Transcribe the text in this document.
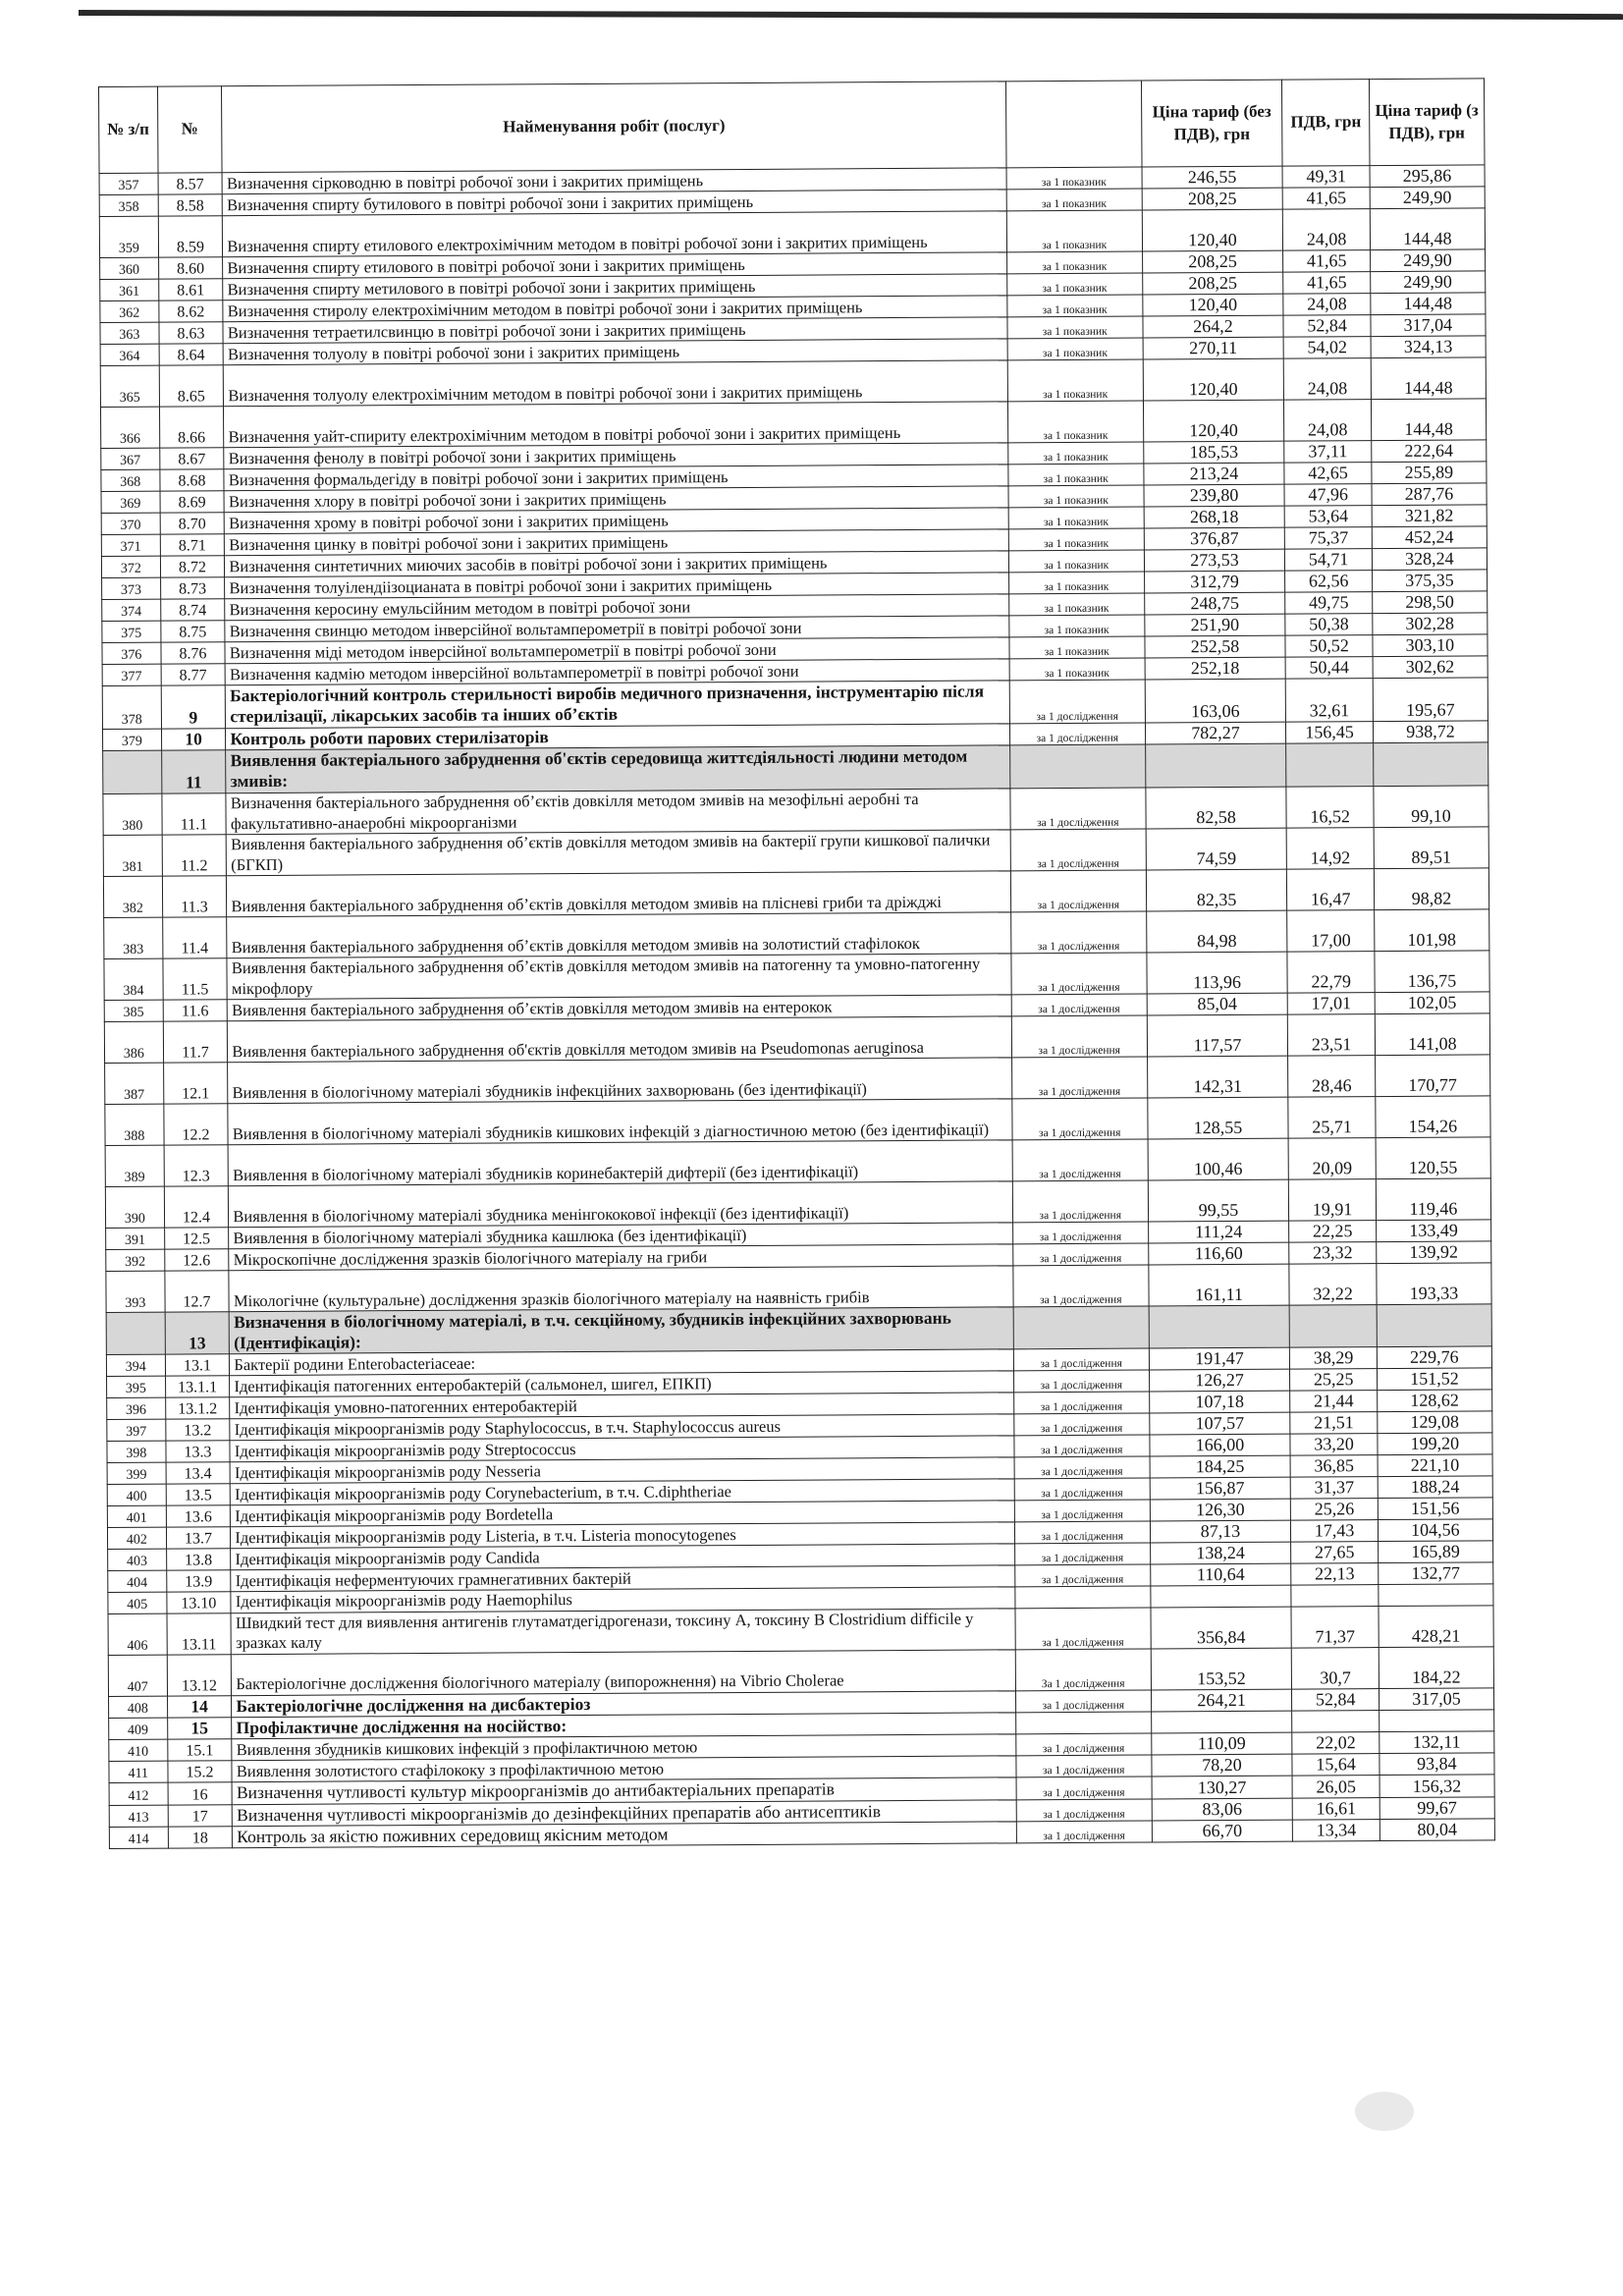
№ з/п	№	Найменування робіт (послуг)		Ціна тариф (без ПДВ), грн	ПДВ, грн	Ціна тариф (з ПДВ), грн
357	8.57	Визначення сірководню в повітрі робочої зони і закритих приміщень	за 1 показник	246,55	49,31	295,86
358	8.58	Визначення спирту бутилового в повітрі робочої зони і закритих приміщень	за 1 показник	208,25	41,65	249,90
359	8.59	Визначення спирту етилового електрохімічним методом в повітрі робочої зони і закритих приміщень	за 1 показник	120,40	24,08	144,48
360	8.60	Визначення спирту етилового в повітрі робочої зони і закритих приміщень	за 1 показник	208,25	41,65	249,90
361	8.61	Визначення спирту метилового в повітрі робочої зони і закритих приміщень	за 1 показник	208,25	41,65	249,90
362	8.62	Визначення стиролу електрохімічним методом в повітрі робочої зони і закритих приміщень	за 1 показник	120,40	24,08	144,48
363	8.63	Визначення тетраетилсвинцю в повітрі робочої зони і закритих приміщень	за 1 показник	264,2	52,84	317,04
364	8.64	Визначення толуолу в повітрі робочої зони і закритих приміщень	за 1 показник	270,11	54,02	324,13
365	8.65	Визначення толуолу електрохімічним методом в повітрі робочої зони і закритих приміщень	за 1 показник	120,40	24,08	144,48
366	8.66	Визначення уайт-спириту електрохімічним методом в повітрі робочої зони і закритих приміщень	за 1 показник	120,40	24,08	144,48
367	8.67	Визначення фенолу в повітрі робочої зони і закритих приміщень	за 1 показник	185,53	37,11	222,64
368	8.68	Визначення формальдегіду в повітрі робочої зони і закритих приміщень	за 1 показник	213,24	42,65	255,89
369	8.69	Визначення хлору в повітрі робочої зони і закритих приміщень	за 1 показник	239,80	47,96	287,76
370	8.70	Визначення хрому в повітрі робочої зони і закритих приміщень	за 1 показник	268,18	53,64	321,82
371	8.71	Визначення цинку в повітрі робочої зони і закритих приміщень	за 1 показник	376,87	75,37	452,24
372	8.72	Визначення синтетичних миючих засобів в повітрі робочої зони і закритих приміщень	за 1 показник	273,53	54,71	328,24
373	8.73	Визначення толуілендіізоцианата в повітрі робочої зони і закритих приміщень	за 1 показник	312,79	62,56	375,35
374	8.74	Визначення керосину емульсійним методом в повітрі робочої зони	за 1 показник	248,75	49,75	298,50
375	8.75	Визначення свинцю методом інверсійної вольтамперометрії в повітрі робочої зони	за 1 показник	251,90	50,38	302,28
376	8.76	Визначення міді методом інверсійної вольтамперометрії в повітрі робочої зони	за 1 показник	252,58	50,52	303,10
377	8.77	Визначення кадмію методом інверсійної вольтамперометрії в повітрі робочої зони	за 1 показник	252,18	50,44	302,62
378	9	Бактеріологічний контроль стерильності виробів медичного призначення, інструментарію після стерилізації, лікарських засобів та інших об’єктів	за 1 дослідження	163,06	32,61	195,67
379	10	Контроль роботи парових стерилізаторів	за 1 дослідження	782,27	156,45	938,72
	11	Виявлення бактеріального забруднення об'єктів середовища життєдіяльності людини методом змивів:				
380	11.1	Визначення бактеріального забруднення об’єктів довкілля методом змивів на мезофільні аеробні та факультативно-анаеробні мікроорганізми	за 1 дослідження	82,58	16,52	99,10
381	11.2	Виявлення бактеріального забруднення об’єктів довкілля методом змивів на бактерії групи кишкової палички (БГКП)	за 1 дослідження	74,59	14,92	89,51
382	11.3	Виявлення бактеріального забруднення об’єктів довкілля методом змивів на плісневі гриби та дріжджі	за 1 дослідження	82,35	16,47	98,82
383	11.4	Виявлення бактеріального забруднення об’єктів довкілля методом змивів на золотистий стафілокок	за 1 дослідження	84,98	17,00	101,98
384	11.5	Виявлення бактеріального забруднення об’єктів довкілля методом змивів на патогенну та умовно-патогенну мікрофлору	за 1 дослідження	113,96	22,79	136,75
385	11.6	Виявлення бактеріального забруднення об’єктів довкілля методом змивів на ентерокок	за 1 дослідження	85,04	17,01	102,05
386	11.7	Виявлення бактеріального забруднення об'єктів довкілля методом змивів на Pseudomonas aeruginosa	за 1 дослідження	117,57	23,51	141,08
387	12.1	Виявлення в біологічному матеріалі збудників інфекційних захворювань (без ідентифікації)	за 1 дослідження	142,31	28,46	170,77
388	12.2	Виявлення в біологічному матеріалі збудників кишкових інфекцій з діагностичною метою (без ідентифікації)	за 1 дослідження	128,55	25,71	154,26
389	12.3	Виявлення в біологічному матеріалі збудників коринебактерій дифтерії (без ідентифікації)	за 1 дослідження	100,46	20,09	120,55
390	12.4	Виявлення в біологічному матеріалі збудника менінгококової інфекції (без ідентифікації)	за 1 дослідження	99,55	19,91	119,46
391	12.5	Виявлення в біологічному матеріалі збудника кашлюка (без ідентифікації)	за 1 дослідження	111,24	22,25	133,49
392	12.6	Мікроскопічне дослідження зразків біологічного матеріалу на гриби	за 1 дослідження	116,60	23,32	139,92
393	12.7	Мікологічне (культуральне) дослідження зразків біологічного матеріалу на наявність грибів	за 1 дослідження	161,11	32,22	193,33
	13	Визначення в біологічному матеріалі, в т.ч. секційному, збудників інфекційних захворювань (Ідентифікація):				
394	13.1	Бактерії родини Enterobacteriaceae:	за 1 дослідження	191,47	38,29	229,76
395	13.1.1	Ідентифікація патогенних ентеробактерій (сальмонел, шигел, ЕПКП)	за 1 дослідження	126,27	25,25	151,52
396	13.1.2	Ідентифікація умовно-патогенних ентеробактерій	за 1 дослідження	107,18	21,44	128,62
397	13.2	Ідентифікація мікроорганізмів роду Staphylococcus, в т.ч. Staphylococcus aureus	за 1 дослідження	107,57	21,51	129,08
398	13.3	Ідентифікація мікроорганізмів роду Streptococcus	за 1 дослідження	166,00	33,20	199,20
399	13.4	Ідентифікація мікроорганізмів роду Nesseria	за 1 дослідження	184,25	36,85	221,10
400	13.5	Ідентифікація мікроорганізмів роду Corynebacterium, в т.ч. C.diphtheriae	за 1 дослідження	156,87	31,37	188,24
401	13.6	Ідентифікація мікроорганізмів роду Bordetella	за 1 дослідження	126,30	25,26	151,56
402	13.7	Ідентифікація мікроорганізмів роду Listeria, в т.ч. Listeria monocytogenes	за 1 дослідження	87,13	17,43	104,56
403	13.8	Ідентифікація мікроорганізмів роду Candida	за 1 дослідження	138,24	27,65	165,89
404	13.9	Ідентифікація неферментуючих грамнегативних бактерій	за 1 дослідження	110,64	22,13	132,77
405	13.10	Ідентифікація мікроорганізмів роду Haemophilus				
406	13.11	Швидкий тест для виявлення антигенів глутаматдегідрогенази, токсину А, токсину В Clostridium difficile у зразках калу	за 1 дослідження	356,84	71,37	428,21
407	13.12	Бактеріологічне дослідження біологічного матеріалу (випорожнення) на Vibrio Cholerae	За 1 дослідження	153,52	30,7	184,22
408	14	Бактеріологічне дослідження на дисбактеріоз	за 1 дослідження	264,21	52,84	317,05
409	15	Профілактичне дослідження на носійство:				
410	15.1	Виявлення збудників кишкових інфекцій з профілактичною метою	за 1 дослідження	110,09	22,02	132,11
411	15.2	Виявлення золотистого стафілококу з профілактичною метою	за 1 дослідження	78,20	15,64	93,84
412	16	Визначення чутливості культур мікроорганізмів до антибактеріальних препаратів	за 1 дослідження	130,27	26,05	156,32
413	17	Визначення чутливості мікроорганізмів до дезінфекційних препаратів або антисептиків	за 1 дослідження	83,06	16,61	99,67
414	18	Контроль за якістю поживних середовищ якісним методом	за 1 дослідження	66,70	13,34	80,04
